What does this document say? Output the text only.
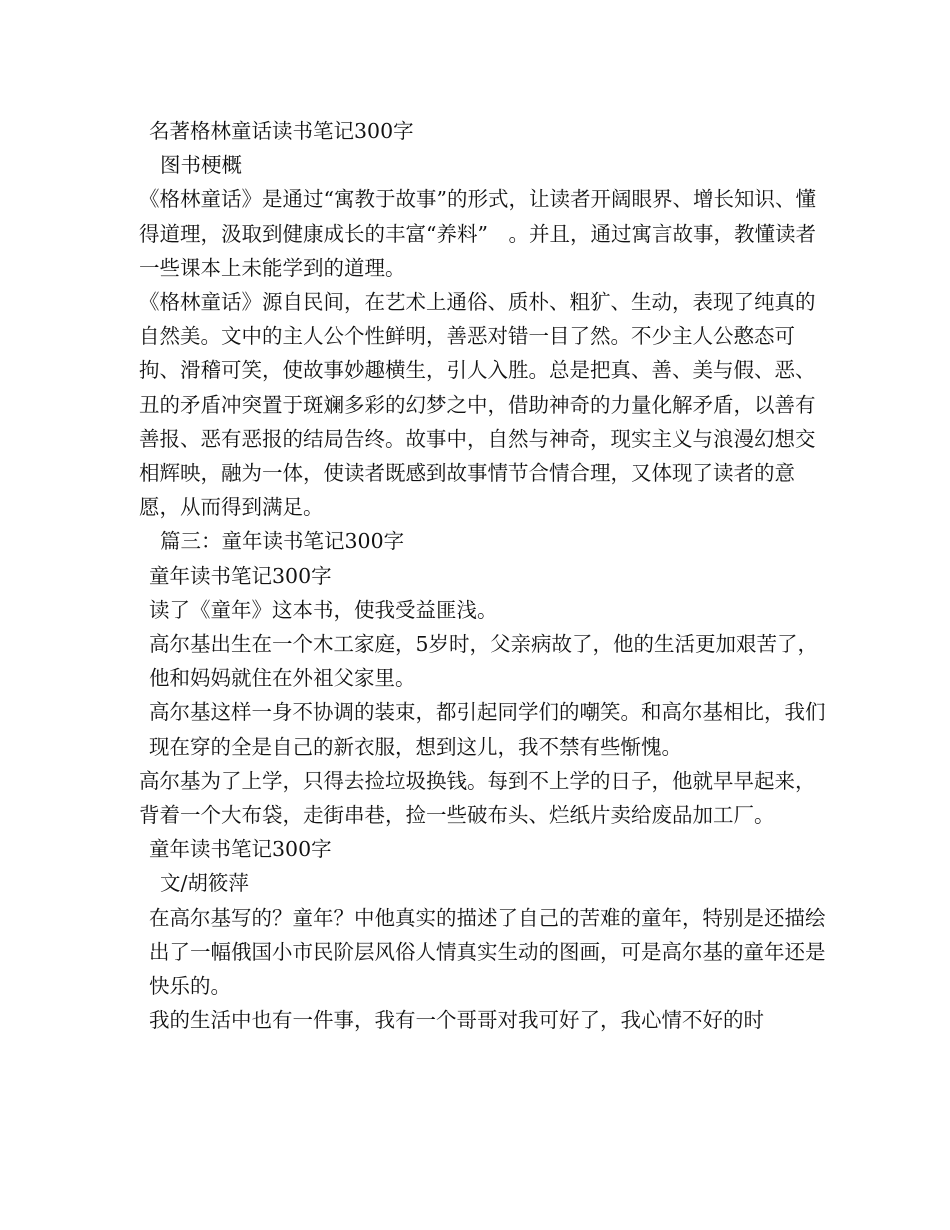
名著格林童话读书笔记300字

图书梗概

《格林童话》是通过“寓教于故事”的形式，让读者开阔眼界、增长知识、懂得道理，汲取到健康成长的丰富“养料”　。并且，通过寓言故事，教懂读者一些课本上未能学到的道理。

《格林童话》源自民间，在艺术上通俗、质朴、粗犷、生动，表现了纯真的自然美。文中的主人公个性鲜明，善恶对错一目了然。不少主人公憨态可拘、滑稽可笑，使故事妙趣横生，引人入胜。总是把真、善、美与假、恶、丑的矛盾冲突置于斑斓多彩的幻梦之中，借助神奇的力量化解矛盾，以善有善报、恶有恶报的结局告终。故事中，自然与神奇，现实主义与浪漫幻想交相辉映，融为一体，使读者既感到故事情节合情合理，又体现了读者的意愿，从而得到满足。

篇三：童年读书笔记300字

童年读书笔记300字

读了《童年》这本书，使我受益匪浅。

高尔基出生在一个木工家庭，5岁时，父亲病故了，他的生活更加艰苦了，他和妈妈就住在外祖父家里。

高尔基这样一身不协调的装束，都引起同学们的嘲笑。和高尔基相比，我们现在穿的全是自己的新衣服，想到这儿，我不禁有些惭愧。

高尔基为了上学，只得去捡垃圾换钱。每到不上学的日子，他就早早起来，背着一个大布袋，走街串巷，捡一些破布头、烂纸片卖给废品加工厂。

童年读书笔记300字

文/胡筱萍

在高尔基写的？童年？中他真实的描述了自己的苦难的童年，特别是还描绘出了一幅俄国小市民阶层风俗人情真实生动的图画，可是高尔基的童年还是快乐的。

我的生活中也有一件事，我有一个哥哥对我可好了，我心情不好的时
